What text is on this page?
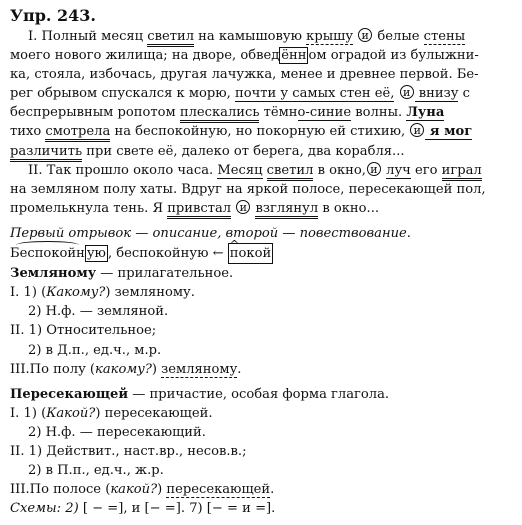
Упр. 243.
I. Полный месяц светил на камышовую крышу и белые стены
моего нового жилища; на дворе, обвед ённ ом оградой из булыжни-
ка, стояла, избочась, другая лачужка, менее и древнее первой. Бе-
рег обрывом спускался к морю, почти у самых стен её, и внизу с
беспрерывным ропотом плескались тёмно-синие волны. Луна
тихо смотрела на беспокойную, но покорную ей стихию, и я мог
различить при свете её, далеко от берега, два корабля...
II. Так прошло около часа. Месяц светил в окно, и луч его играл
на земляном полу хаты. Вдруг на яркой полосе, пересекающей пол,
промелькнула тень. Я привстал и взглянул в окно...
Первый отрывок — описание, второй — повествование.
Беспокойн ую , беспокойную ← ^ покой
Земляному — прилагательное.
I. 1) (Какому?) земляному.
2) Н.ф. — земляной.
II. 1) Относительное;
2) в Д.п., ед.ч., м.р.
III.По полу (какому?) земляному.
Пересекающей — причастие, особая форма глагола.
I. 1) (Какой?) пересекающей.
2) Н.ф. — пересекающий.
II. 1) Действит., наст.вр., несов.в.;
2) в П.п., ед.ч., ж.р.
III.По полосе (какой?) пересекающей.
Схемы: 2) [ − =], и [− =]. 7) [− = и =].
